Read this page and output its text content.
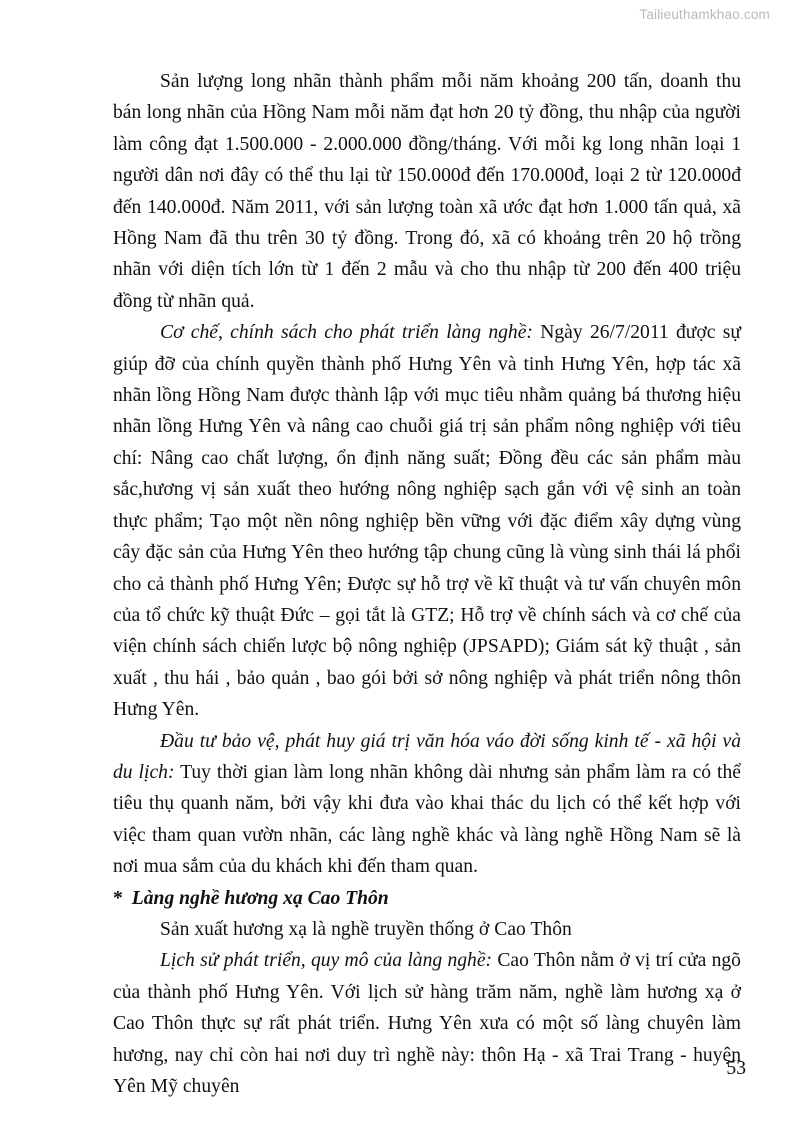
Tailieuthamkhao.com

Sản lượng long nhãn thành phẩm mỗi năm khoảng 200 tấn, doanh thu bán long nhãn của Hồng Nam mỗi năm đạt hơn 20 tỷ đồng, thu nhập của người làm công đạt 1.500.000 - 2.000.000 đồng/tháng. Với mỗi kg long nhãn loại 1 người dân nơi đây có thể thu lại từ 150.000đ đến 170.000đ, loại 2 từ 120.000đ đến 140.000đ. Năm 2011, với sản lượng toàn xã ước đạt hơn 1.000 tấn quả, xã Hồng Nam đã thu trên 30 tỷ đồng. Trong đó, xã có khoảng trên 20 hộ trồng nhãn với diện tích lớn từ 1 đến 2 mẫu và cho thu nhập từ 200 đến 400 triệu đồng từ nhãn quả.

Cơ chế, chính sách cho phát triển làng nghề: Ngày 26/7/2011 được sự giúp đỡ của chính quyền thành phố Hưng Yên và tinh Hưng Yên, hợp tác xã nhãn lồng Hồng Nam được thành lập với mục tiêu nhằm quảng bá thương hiệu nhãn lồng Hưng Yên và nâng cao chuỗi giá trị sản phẩm nông nghiệp với tiêu chí: Nâng cao chất lượng, ổn định năng suất; Đồng đều các sản phẩm màu sắc,hương vị sản xuất theo hướng nông nghiệp sạch gắn với vệ sinh an toàn thực phẩm; Tạo một nền nông nghiệp bền vững với đặc điểm xây dựng vùng cây đặc sản của Hưng Yên theo hướng tập chung cũng là vùng sinh thái lá phổi cho cả thành phố Hưng Yên; Được sự hỗ trợ về kĩ thuật và tư vấn chuyên môn của tổ chức kỹ thuật Đức – gọi tắt là GTZ; Hỗ trợ về chính sách và cơ chế của viện chính sách chiến lược bộ nông nghiệp (JPSAPD); Giám sát kỹ thuật , sản xuất , thu hái , bảo quản , bao gói bởi sở nông nghiệp và phát triển nông thôn Hưng Yên.

Đầu tư bảo vệ, phát huy giá trị văn hóa váo đời sống kinh tế - xã hội và du lịch: Tuy thời gian làm long nhãn không dài nhưng sản phẩm làm ra có thể tiêu thụ quanh năm, bởi vậy khi đưa vào khai thác du lịch có thể kết hợp với việc tham quan vườn nhãn, các làng nghề khác và làng nghề Hồng Nam sẽ là nơi mua sắm của du khách khi đến tham quan.

* Làng nghề hương xạ Cao Thôn

Sản xuất hương xạ là nghề truyền thống ở Cao Thôn

Lịch sử phát triển, quy mô của làng nghề: Cao Thôn nằm ở vị trí cửa ngõ của thành phố Hưng Yên. Với lịch sử hàng trăm năm, nghề làm hương xạ ở Cao Thôn thực sự rất phát triển. Hưng Yên xưa có một số làng chuyên làm hương, nay chỉ còn hai nơi duy trì nghề này: thôn Hạ - xã Trai Trang - huyện Yên Mỹ chuyên

53
